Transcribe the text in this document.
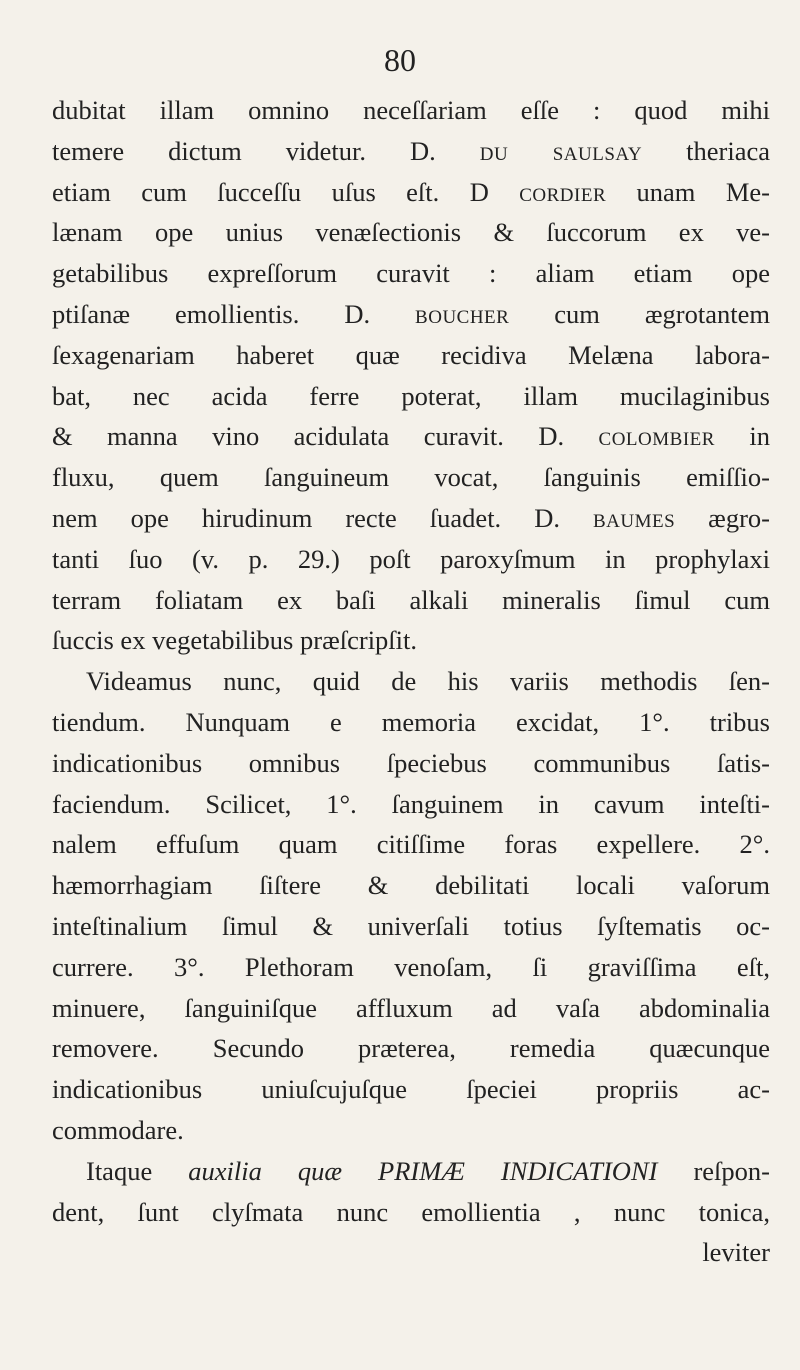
80
dubitat illam omnino neceſſariam eſſe : quod mihi
temere dictum videtur. D. du saulsay theriaca
etiam cum ſucceſſu uſus eſt. D cordier unam Me-
lænam ope unius venæſectionis & ſuccorum ex ve-
getabilibus expreſſorum curavit : aliam etiam ope
ptiſanæ emollientis. D. boucher cum ægrotantem
ſexagenariam haberet quæ recidiva Melæna labora-
bat, nec acida ferre poterat, illam mucilaginibus
& manna vino acidulata curavit. D. colombier in
fluxu, quem ſanguineum vocat, ſanguinis emiſſio-
nem ope hirudinum recte ſuadet. D. baumes ægro-
tanti ſuo (v. p. 29.) poſt paroxyſmum in prophylaxi
terram foliatam ex baſi alkali mineralis ſimul cum
ſuccis ex vegetabilibus præſcripſit.
Videamus nunc, quid de his variis methodis ſen-
tiendum. Nunquam e memoria excidat, 1°. tribus
indicationibus omnibus ſpeciebus communibus ſatis-
faciendum. Scilicet, 1°. ſanguinem in cavum inteſti-
nalem effuſum quam citiſſime foras expellere. 2°.
hæmorrhagiam ſiſtere & debilitati locali vaſorum
inteſtinalium ſimul & univerſali totius ſyſtematis oc-
currere. 3°. Plethoram venoſam, ſi graviſſima eſt,
minuere, ſanguiniſque affluxum ad vaſa abdominalia
removere. Secundo præterea, remedia quæcunque
indicationibus uniuſcujuſque ſpeciei propriis ac-
commodare.
Itaque auxilia quæ PRIMÆ INDICATIONI reſpon-
dent, ſunt clyſmata nunc emollientia , nunc tonica,
leviter
